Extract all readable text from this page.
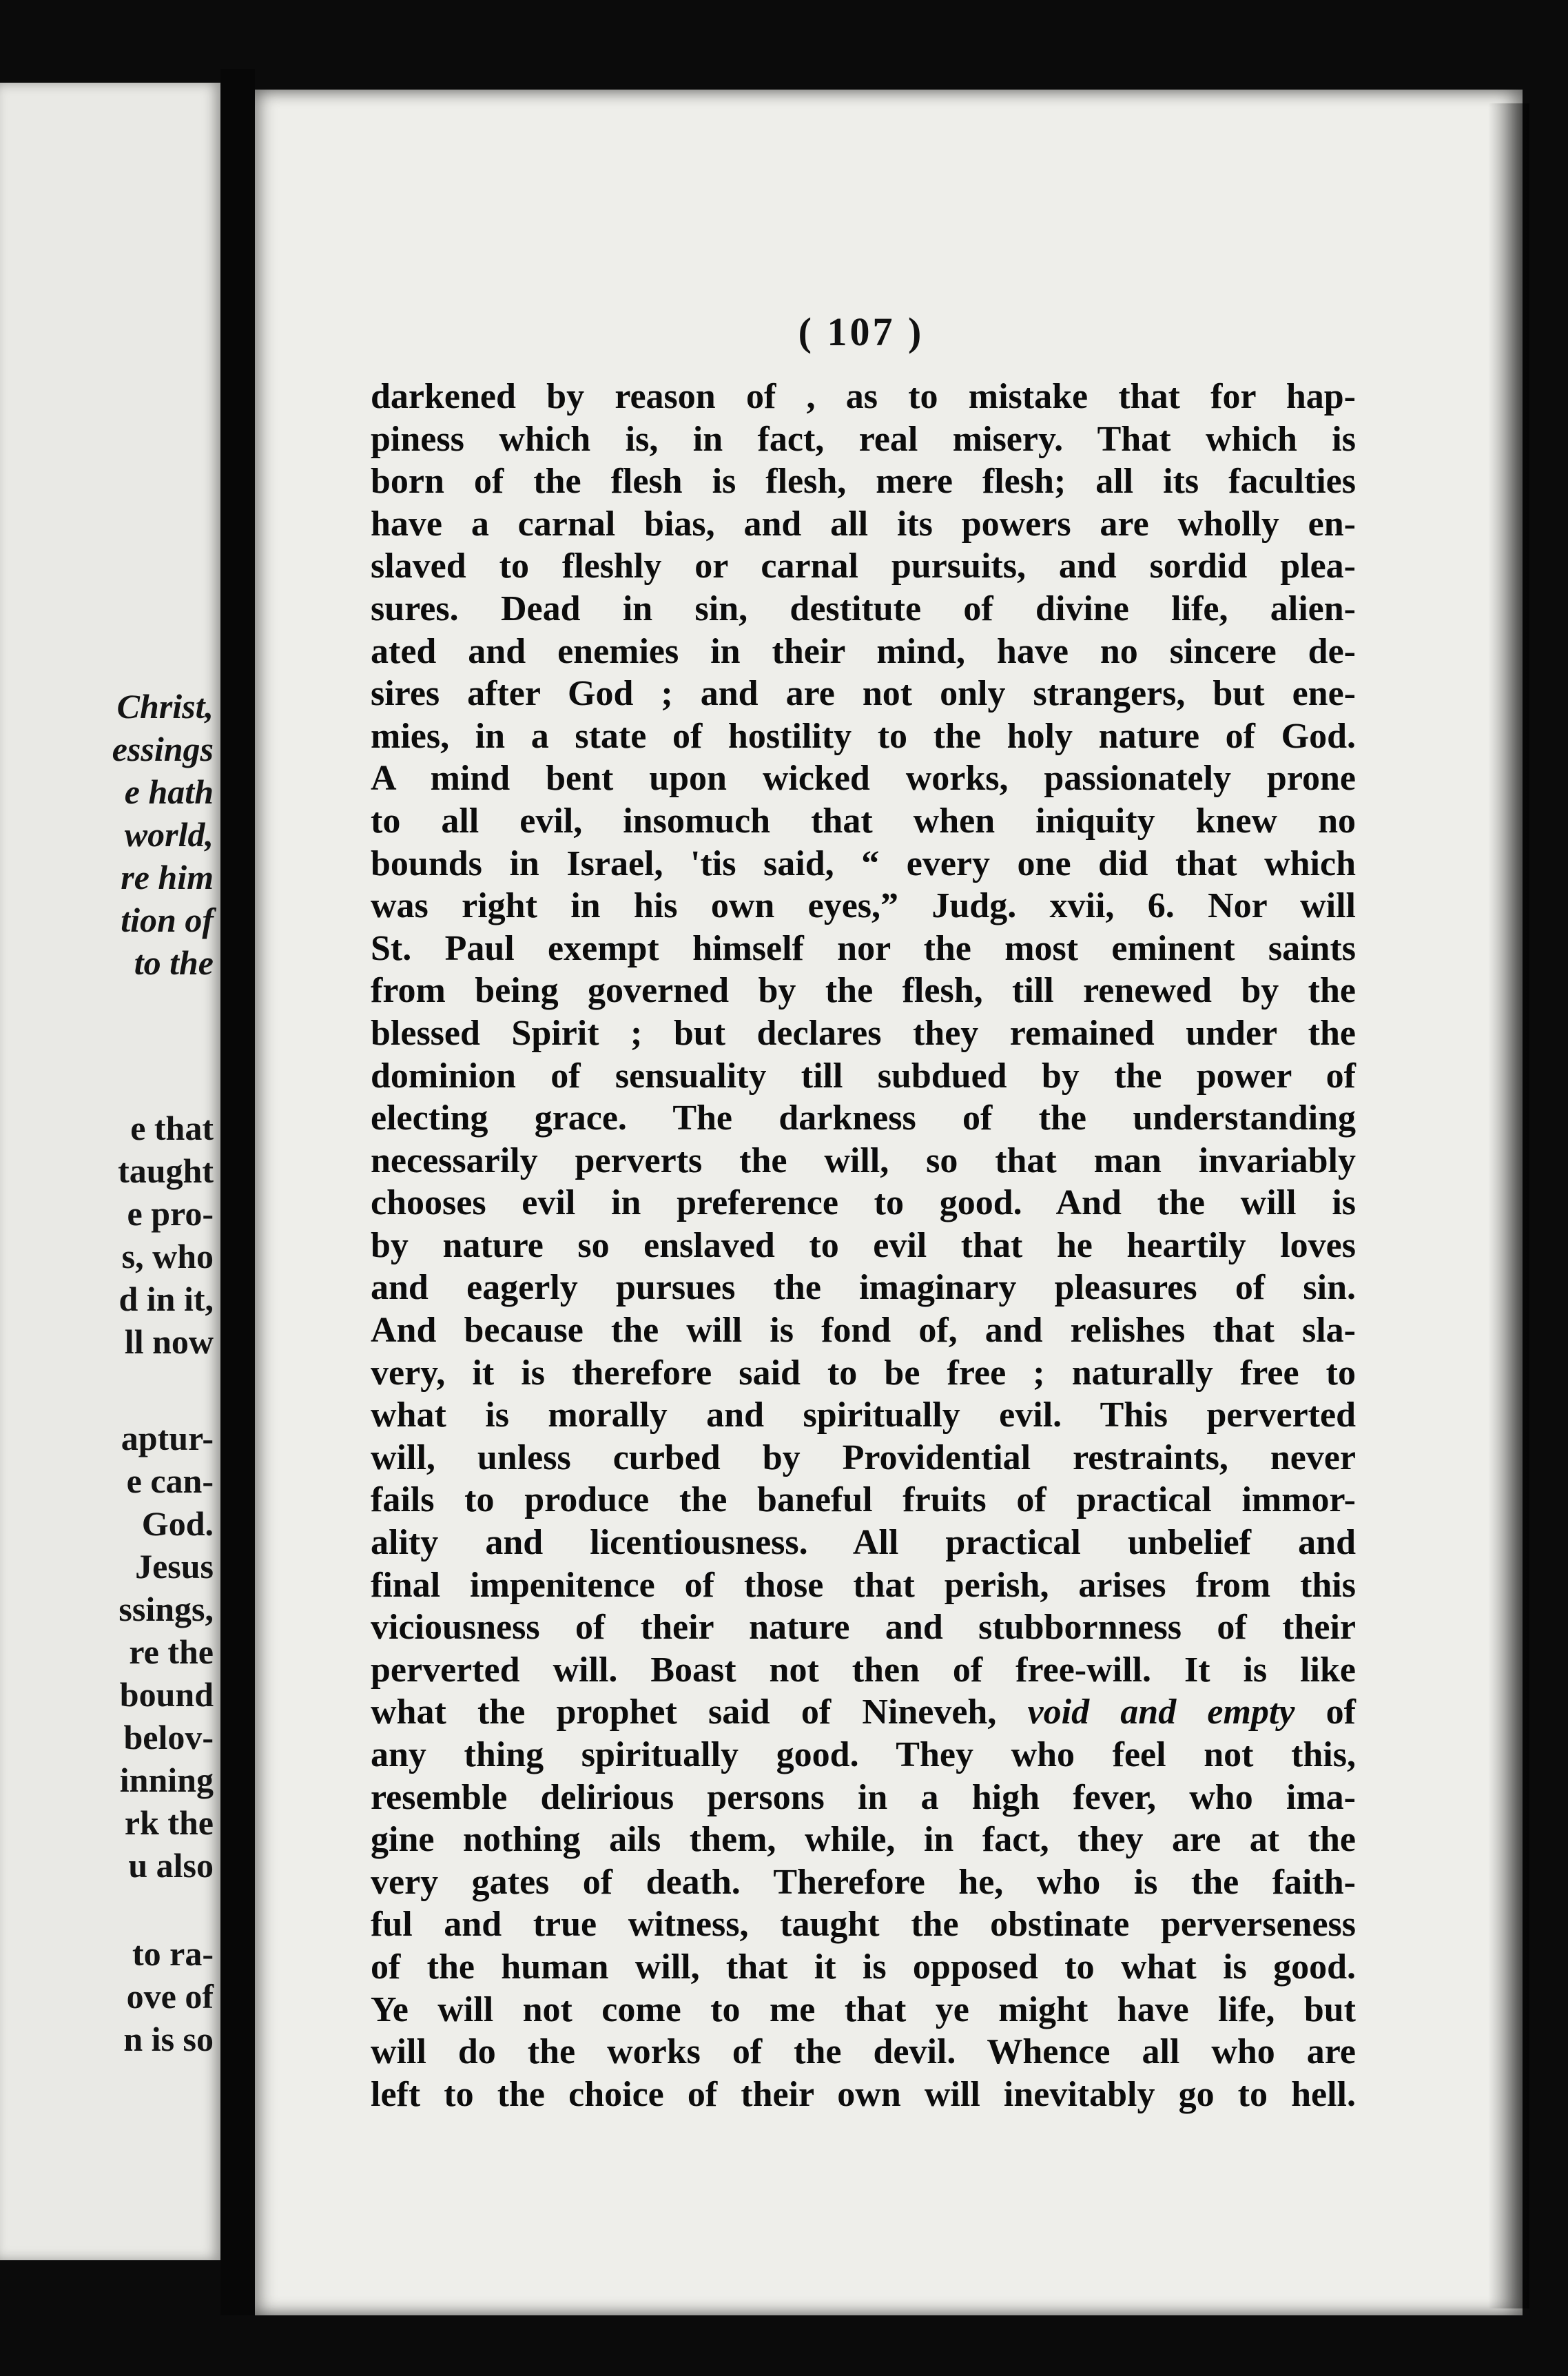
Christ,
essings
e hath
world,
re him
tion of
to the
e that
taught
e pro-
s, who
d in it,
ll now
aptur-
e can-
God.
Jesus
ssings,
re the
bound
belov-
inning
rk the
u also
to ra-
ove of
n is so
( 107 )
darkened by reason of , as to mistake that for hap-
piness which is, in fact, real misery. That which is
born of the flesh is flesh, mere flesh; all its faculties
have a carnal bias, and all its powers are wholly en-
slaved to fleshly or carnal pursuits, and sordid plea-
sures. Dead in sin, destitute of divine life, alien-
ated and enemies in their mind, have no sincere de-
sires after God ; and are not only strangers, but ene-
mies, in a state of hostility to the holy nature of God.
A mind bent upon wicked works, passionately prone
to all evil, insomuch that when iniquity knew no
bounds in Israel, 'tis said, “ every one did that which
was right in his own eyes,” Judg. xvii, 6. Nor will
St. Paul exempt himself nor the most eminent saints
from being governed by the flesh, till renewed by the
blessed Spirit ; but declares they remained under the
dominion of sensuality till subdued by the power of
electing grace. The darkness of the understanding
necessarily perverts the will, so that man invariably
chooses evil in preference to good. And the will is
by nature so enslaved to evil that he heartily loves
and eagerly pursues the imaginary pleasures of sin.
And because the will is fond of, and relishes that sla-
very, it is therefore said to be free ; naturally free to
what is morally and spiritually evil. This perverted
will, unless curbed by Providential restraints, never
fails to produce the baneful fruits of practical immor-
ality and licentiousness. All practical unbelief and
final impenitence of those that perish, arises from this
viciousness of their nature and stubbornness of their
perverted will. Boast not then of free-will. It is like
what the prophet said of Nineveh, void and empty of
any thing spiritually good. They who feel not this,
resemble delirious persons in a high fever, who ima-
gine nothing ails them, while, in fact, they are at the
very gates of death. Therefore he, who is the faith-
ful and true witness, taught the obstinate perverseness
of the human will, that it is opposed to what is good.
Ye will not come to me that ye might have life, but
will do the works of the devil. Whence all who are
left to the choice of their own will inevitably go to hell.
